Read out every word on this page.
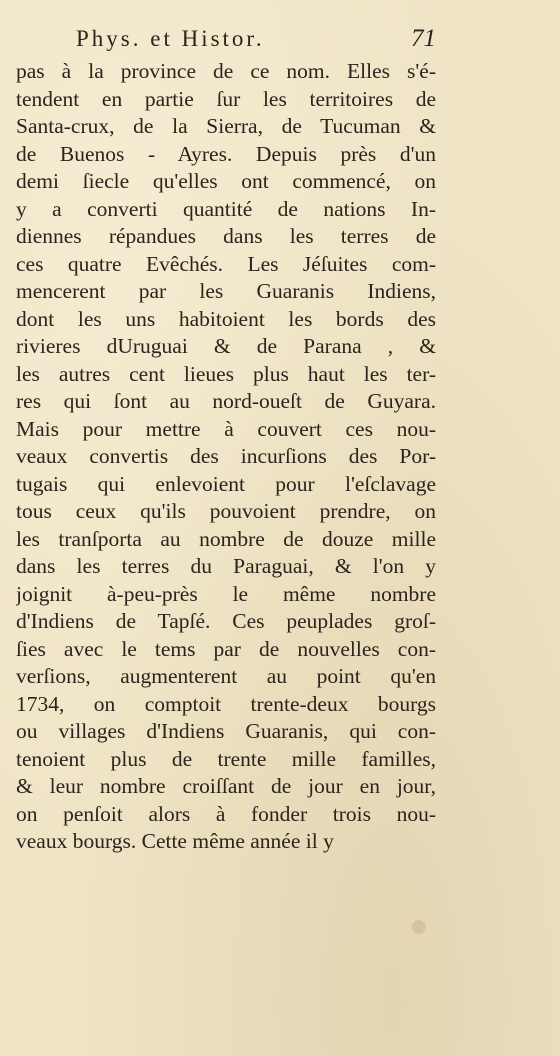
Phys. et Histor.	71
pas à la province de ce nom. Elles s'é-
tendent en partie ſur les territoires de
Santa-crux, de la Sierra, de Tucuman &
de Buenos - Ayres. Depuis près d'un
demi ſiecle qu'elles ont commencé, on
y a converti quantité de nations In-
diennes répandues dans les terres de
ces quatre Evêchés. Les Jéſuites com-
mencerent par les Guaranis Indiens,
dont les uns habitoient les bords des
rivieres dUruguai & de Parana , &
les autres cent lieues plus haut les ter-
res qui ſont au nord-oueſt de Guyara.
Mais pour mettre à couvert ces nou-
veaux convertis des incurſions des Por-
tugais qui enlevoient pour l'eſclavage
tous ceux qu'ils pouvoient prendre, on
les tranſporta au nombre de douze mille
dans les terres du Paraguai, & l'on y
joignit à-peu-près le même nombre
d'Indiens de Tapſé. Ces peuplades groſ-
ſies avec le tems par de nouvelles con-
verſions, augmenterent au point qu'en
1734, on comptoit trente-deux bourgs
ou villages d'Indiens Guaranis, qui con-
tenoient plus de trente mille familles,
& leur nombre croiſſant de jour en jour,
on penſoit alors à fonder trois nou-
veaux bourgs. Cette même année il y
